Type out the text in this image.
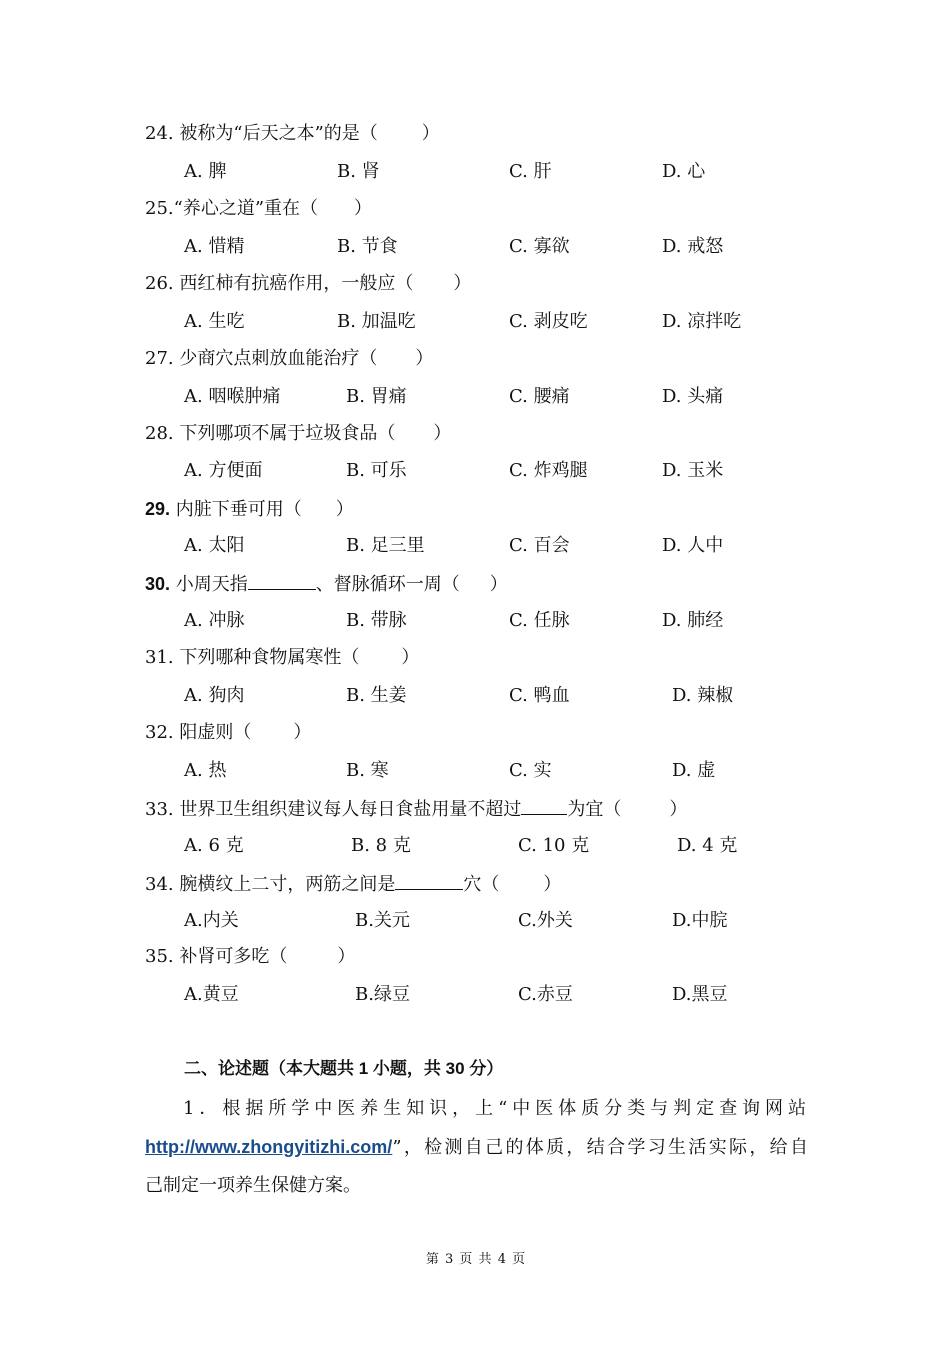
24. 被称为“后天之本”的是（ ）
A. 脾	B. 肾	C. 肝	D. 心
25.“养心之道”重在（ ）
A. 惜精	B. 节食	C. 寡欲	D. 戒怒
26. 西红柿有抗癌作用，一般应（ ）
A. 生吃	B. 加温吃	C. 剥皮吃	D. 凉拌吃
27. 少商穴点刺放血能治疗（ ）
A. 咽喉肿痛	B. 胃痛	C. 腰痛	D. 头痛
28. 下列哪项不属于垃圾食品（ ）
A. 方便面	B. 可乐	C. 炸鸡腿	D. 玉米
29. 内脏下垂可用（ ）
A. 太阳	B. 足三里	C. 百会	D. 人中
30. 小周天指	、督脉循环一周（ ）
A. 冲脉	B. 带脉	C. 任脉	D. 肺经
31. 下列哪种食物属寒性（ ）
A. 狗肉	B. 生姜	C. 鸭血	D. 辣椒
32. 阳虚则（ ）
A. 热	B. 寒	C. 实	D. 虚
33. 世界卫生组织建议每人每日食盐用量不超过	为宜（	）
A. 6 克	B. 8 克	C. 10 克	D. 4 克
34. 腕横纹上二寸，两筋之间是	穴（ ）
A.内关	B.关元	C.外关	D.中脘
35. 补肾可多吃（	）
A.黄豆	B.绿豆	C.赤豆	D.黑豆
二、论述题（本大题共 1 小题，共 30 分）
1．根据所学中医养生知识，上“中医体质分类与判定查询网站
http://www.zhongyitizhi.com/”，检测自己的体质，结合学习生活实际，给自
己制定一项养生保健方案。
第 3 页 共 4 页
